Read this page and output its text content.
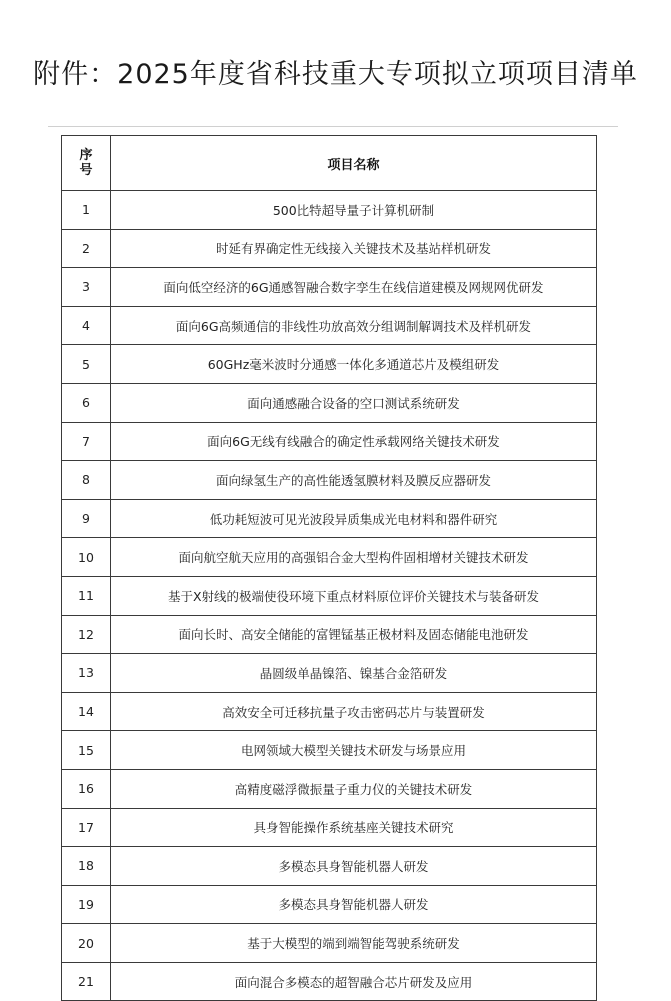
附件：2025年度省科技重大专项拟立项项目清单
序
号	项目名称
1	500比特超导量子计算机研制
2	时延有界确定性无线接入关键技术及基站样机研发
3	面向低空经济的6G通感智融合数字孪生在线信道建模及网规网优研发
4	面向6G高频通信的非线性功放高效分组调制解调技术及样机研发
5	60GHz毫米波时分通感一体化多通道芯片及模组研发
6	面向通感融合设备的空口测试系统研发
7	面向6G无线有线融合的确定性承载网络关键技术研发
8	面向绿氢生产的高性能透氢膜材料及膜反应器研发
9	低功耗短波可见光波段异质集成光电材料和器件研究
10	面向航空航天应用的高强铝合金大型构件固相增材关键技术研发
11	基于X射线的极端使役环境下重点材料原位评价关键技术与装备研发
12	面向长时、高安全储能的富锂锰基正极材料及固态储能电池研发
13	晶圆级单晶镍箔、镍基合金箔研发
14	高效安全可迁移抗量子攻击密码芯片与装置研发
15	电网领域大模型关键技术研发与场景应用
16	高精度磁浮微振量子重力仪的关键技术研发
17	具身智能操作系统基座关键技术研究
18	多模态具身智能机器人研发
19	多模态具身智能机器人研发
20	基于大模型的端到端智能驾驶系统研发
21	面向混合多模态的超智融合芯片研发及应用
